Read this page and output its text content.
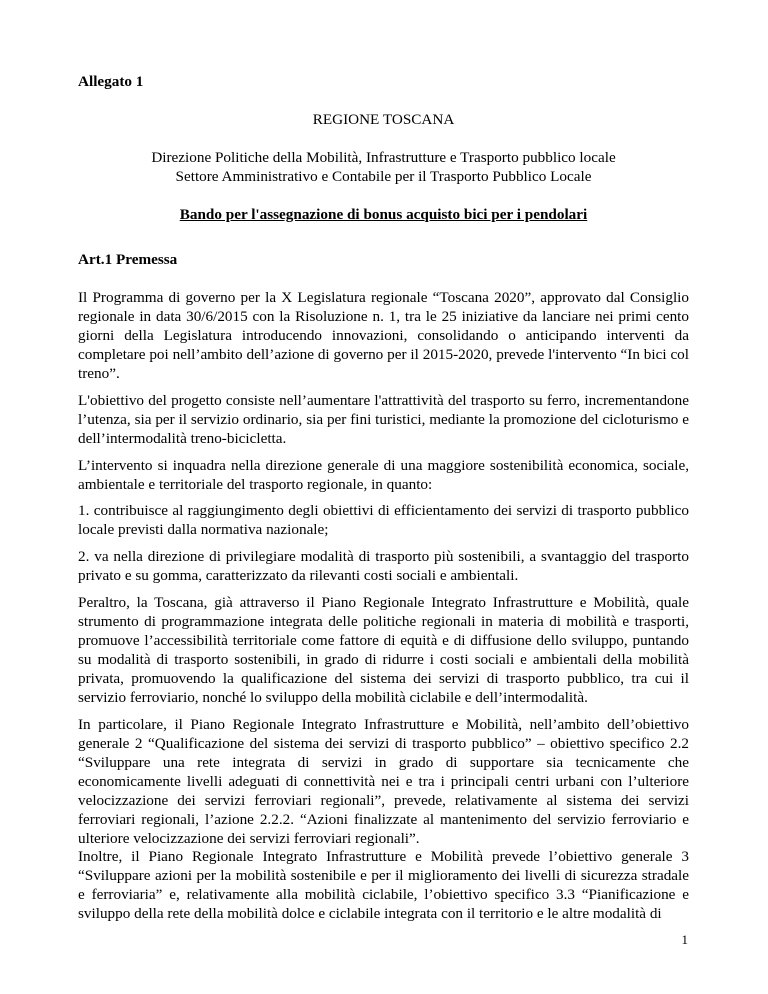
Allegato 1

REGIONE TOSCANA

Direzione Politiche della Mobilità, Infrastrutture e Trasporto pubblico locale

Settore Amministrativo e Contabile per il Trasporto Pubblico Locale

Bando per l'assegnazione di bonus acquisto bici per i pendolari

Art.1 Premessa

Il Programma di governo per la X Legislatura regionale “Toscana 2020”, approvato dal Consiglio regionale in data 30/6/2015 con la Risoluzione n. 1, tra le 25 iniziative da lanciare nei primi cento giorni della Legislatura introducendo innovazioni, consolidando o anticipando interventi da completare poi nell’ambito dell’azione di governo per il 2015-2020, prevede l'intervento “In bici col treno”.

L'obiettivo del progetto consiste nell’aumentare l'attrattività del trasporto su ferro, incrementandone l’utenza, sia per il servizio ordinario, sia per fini turistici, mediante la promozione del cicloturismo e dell’intermodalità treno-bicicletta.

L’intervento si inquadra nella direzione generale di una maggiore sostenibilità economica, sociale, ambientale e territoriale del trasporto regionale, in quanto:

1. contribuisce al raggiungimento degli obiettivi di efficientamento dei servizi di trasporto pubblico locale previsti dalla normativa nazionale;

2. va nella direzione di privilegiare modalità di trasporto più sostenibili, a svantaggio del trasporto privato e su gomma, caratterizzato da rilevanti costi sociali e ambientali.

Peraltro, la Toscana, già attraverso il Piano Regionale Integrato Infrastrutture e Mobilità, quale strumento di programmazione integrata delle politiche regionali in materia di mobilità e trasporti, promuove l’accessibilità territoriale come fattore di equità e di diffusione dello sviluppo, puntando su modalità di trasporto sostenibili, in grado di ridurre i costi sociali e ambientali della mobilità privata, promuovendo la qualificazione del sistema dei servizi di trasporto pubblico, tra cui il servizio ferroviario, nonché lo sviluppo della mobilità ciclabile e dell’intermodalità.

In particolare, il Piano Regionale Integrato Infrastrutture e Mobilità, nell’ambito dell’obiettivo generale 2 “Qualificazione del sistema dei servizi di trasporto pubblico” – obiettivo specifico 2.2 “Sviluppare una rete integrata di servizi in grado di supportare sia tecnicamente che economicamente livelli adeguati di connettività nei e tra i principali centri urbani con l’ulteriore velocizzazione dei servizi ferroviari regionali”, prevede, relativamente al sistema dei servizi ferroviari regionali, l’azione 2.2.2. “Azioni finalizzate al mantenimento del servizio ferroviario e ulteriore velocizzazione dei servizi ferroviari regionali”.

Inoltre, il Piano Regionale Integrato Infrastrutture e Mobilità prevede l’obiettivo generale 3 “Sviluppare azioni per la mobilità sostenibile e per il miglioramento dei livelli di sicurezza stradale e ferroviaria” e, relativamente alla mobilità ciclabile, l’obiettivo specifico 3.3 “Pianificazione e sviluppo della rete della mobilità dolce e ciclabile integrata con il territorio e le altre modalità di

1
